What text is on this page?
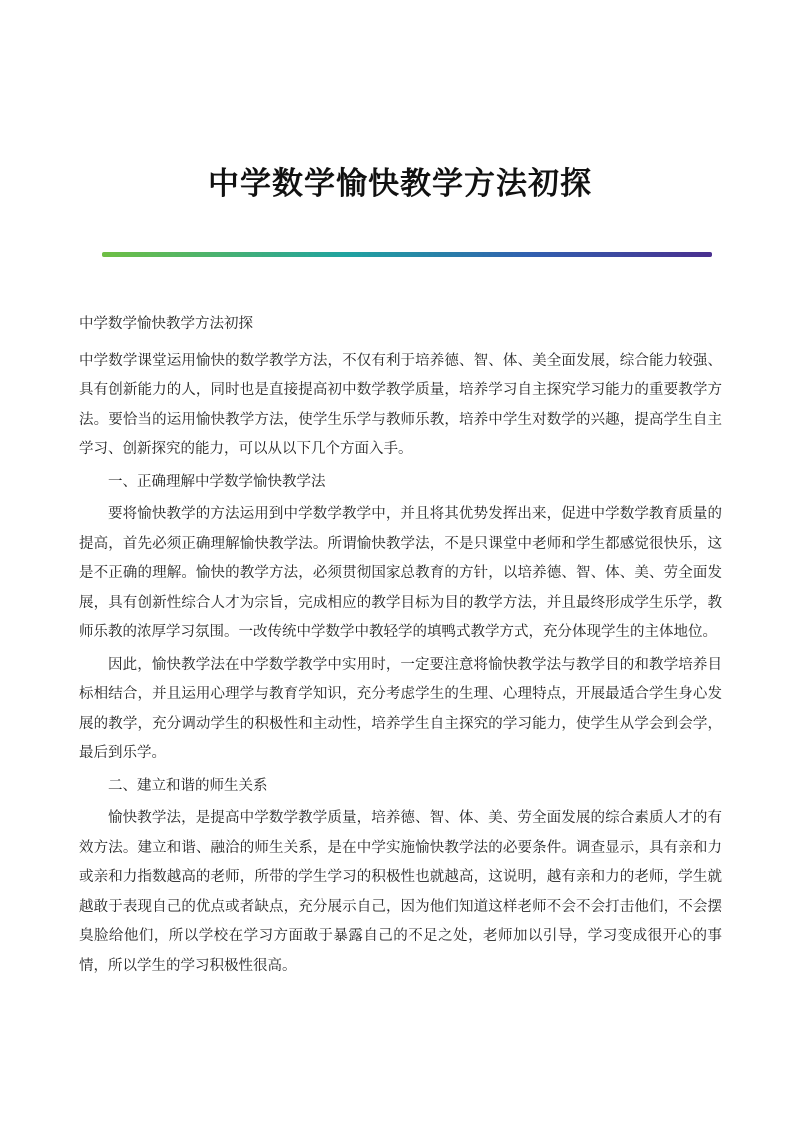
中学数学愉快教学方法初探

中学数学愉快教学方法初探

中学数学课堂运用愉快的数学教学方法，不仅有利于培养德、智、体、美全面发展，综合能力较强、具有创新能力的人，同时也是直接提高初中数学教学质量，培养学习自主探究学习能力的重要教学方法。要恰当的运用愉快教学方法，使学生乐学与教师乐教，培养中学生对数学的兴趣，提高学生自主学习、创新探究的能力，可以从以下几个方面入手。

一、正确理解中学数学愉快教学法

要将愉快教学的方法运用到中学数学教学中，并且将其优势发挥出来，促进中学数学教育质量的提高，首先必须正确理解愉快教学法。所谓愉快教学法，不是只课堂中老师和学生都感觉很快乐，这是不正确的理解。愉快的教学方法，必须贯彻国家总教育的方针，以培养德、智、体、美、劳全面发展，具有创新性综合人才为宗旨，完成相应的教学目标为目的教学方法，并且最终形成学生乐学，教师乐教的浓厚学习氛围。一改传统中学数学中教轻学的填鸭式教学方式，充分体现学生的主体地位。

因此，愉快教学法在中学数学教学中实用时，一定要注意将愉快教学法与教学目的和教学培养目标相结合，并且运用心理学与教育学知识，充分考虑学生的生理、心理特点，开展最适合学生身心发展的教学，充分调动学生的积极性和主动性，培养学生自主探究的学习能力，使学生从学会到会学，最后到乐学。

二、建立和谐的师生关系

愉快教学法，是提高中学数学教学质量，培养德、智、体、美、劳全面发展的综合素质人才的有效方法。建立和谐、融洽的师生关系，是在中学实施愉快教学法的必要条件。调查显示，具有亲和力或亲和力指数越高的老师，所带的学生学习的积极性也就越高，这说明，越有亲和力的老师，学生就越敢于表现自己的优点或者缺点，充分展示自己，因为他们知道这样老师不会不会打击他们，不会摆臭脸给他们，所以学校在学习方面敢于暴露自己的不足之处，老师加以引导，学习变成很开心的事情，所以学生的学习积极性很高。
